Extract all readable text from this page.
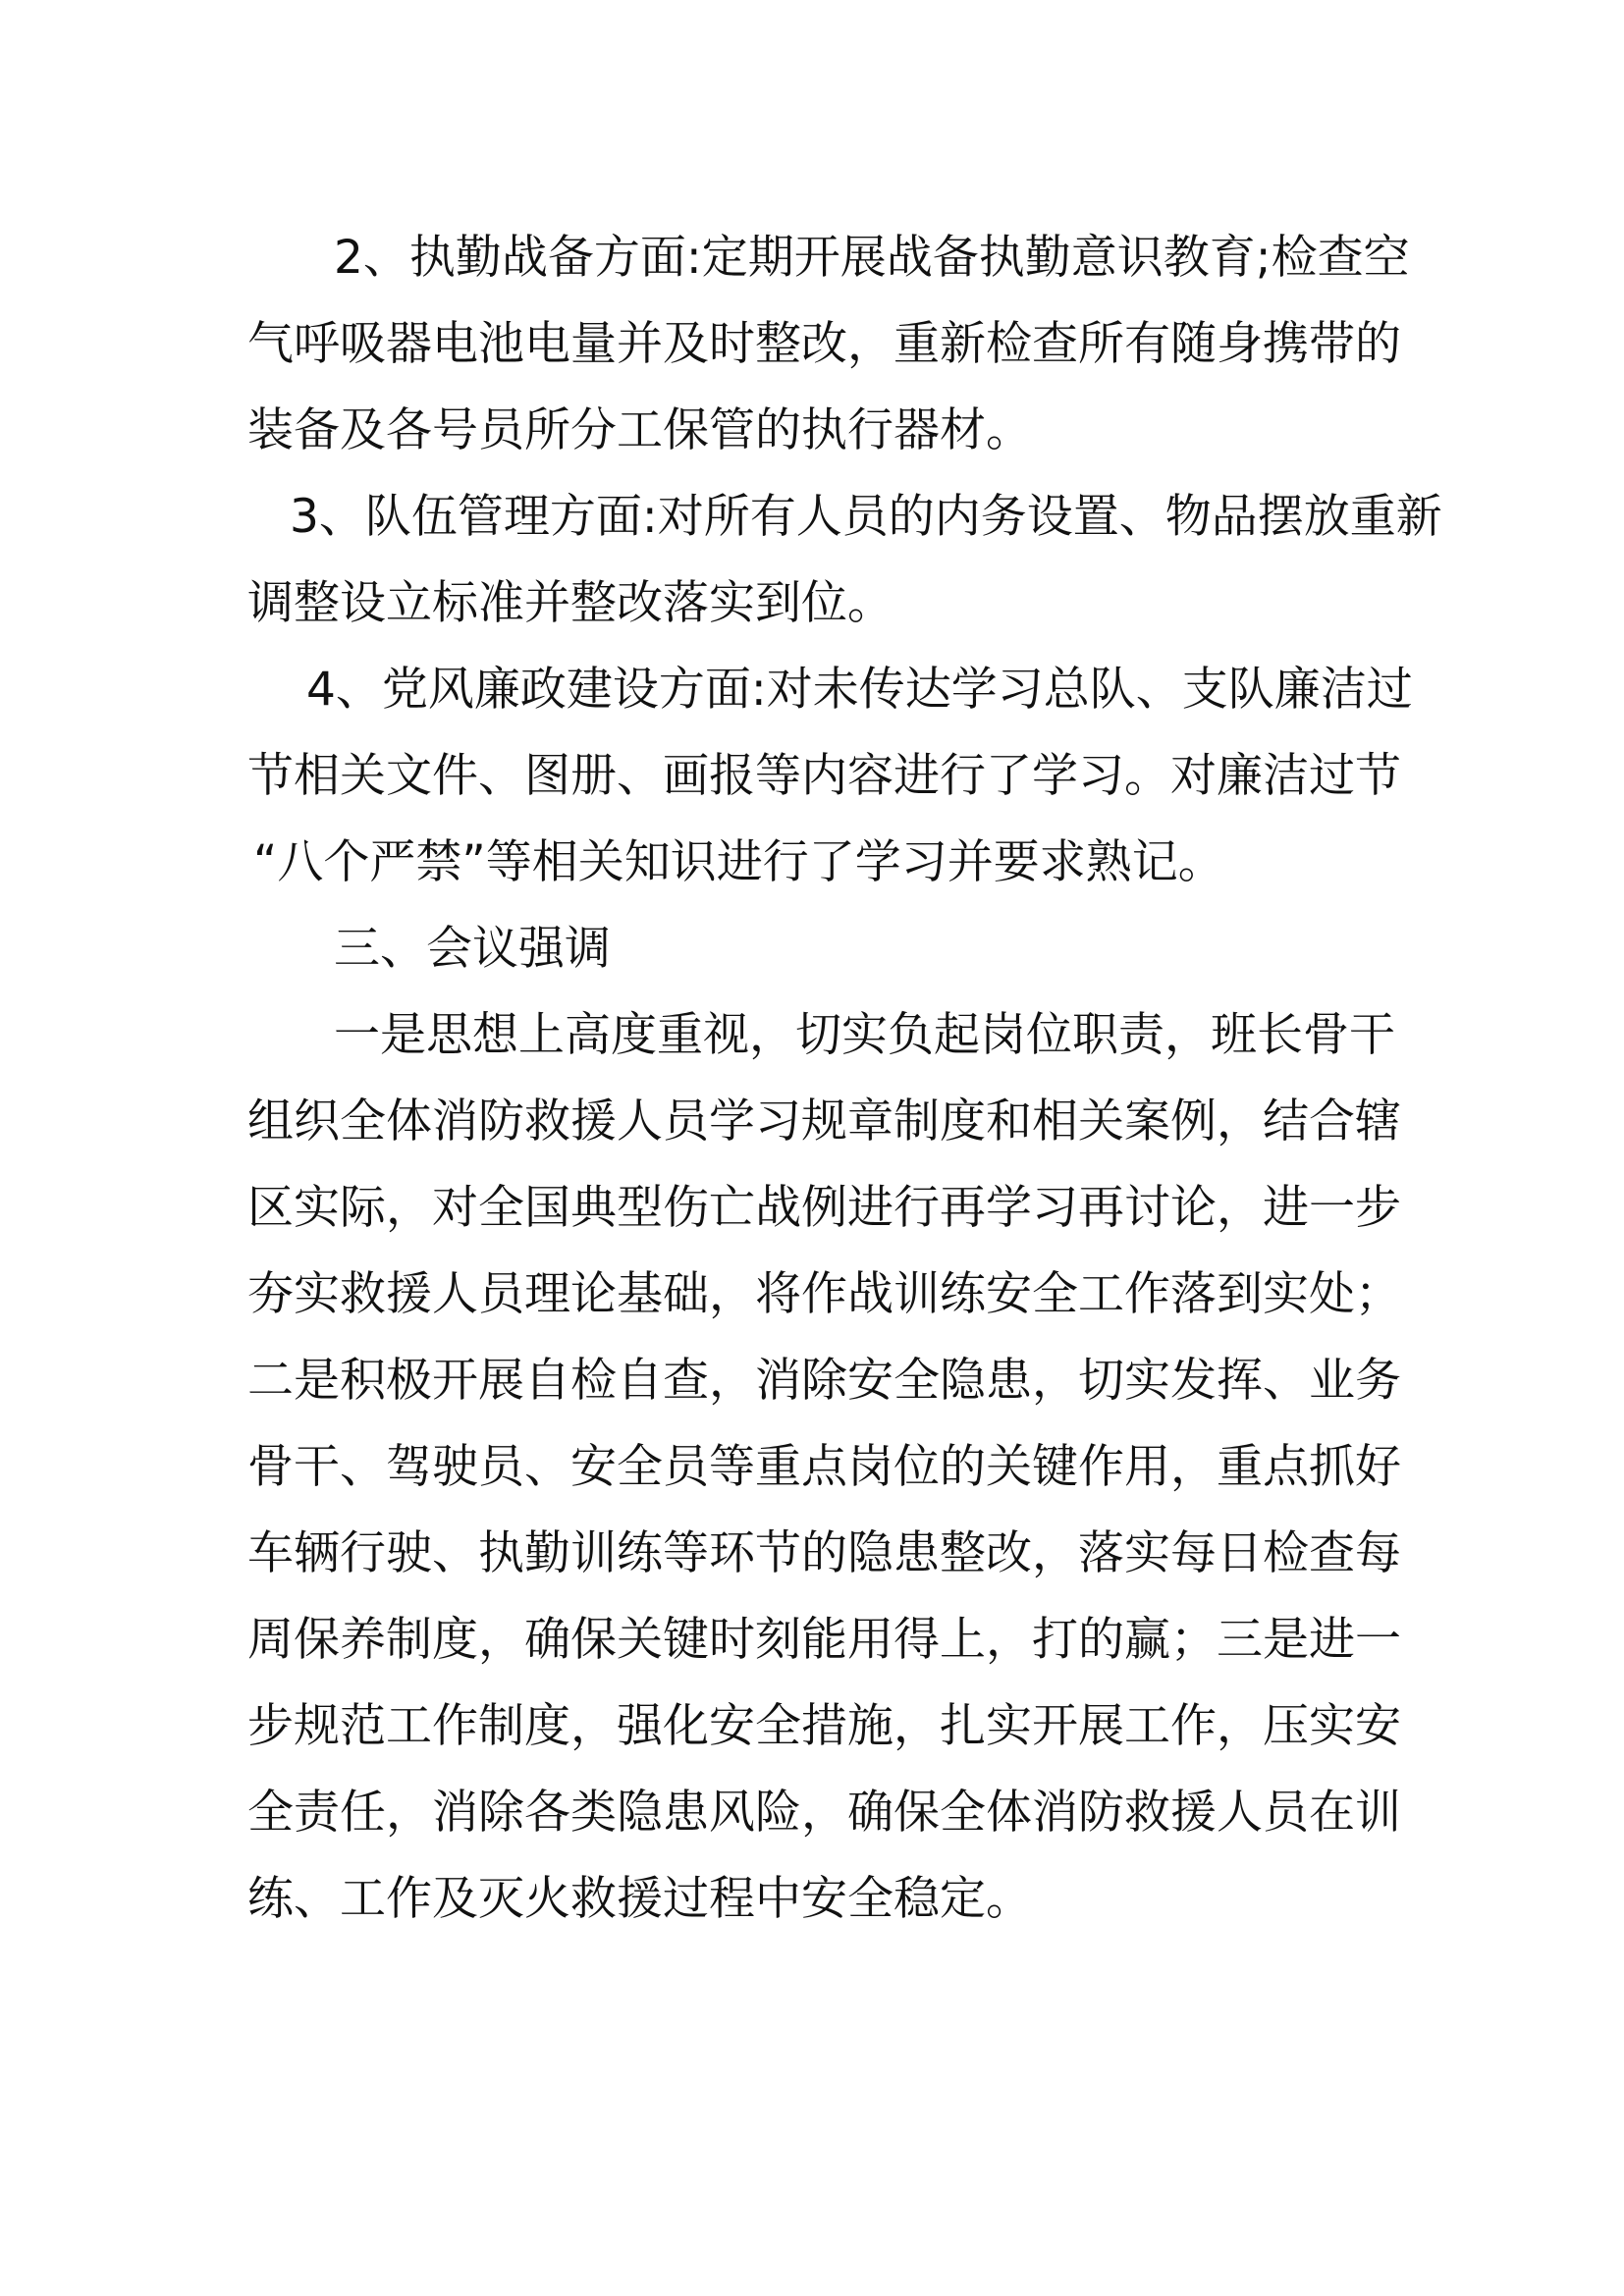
2、执勤战备方面:定期开展战备执勤意识教育;检查空
气呼吸器电池电量并及时整改，重新检查所有随身携带的
装备及各号员所分工保管的执行器材。
3、队伍管理方面:对所有人员的内务设置、物品摆放重新
调整设立标准并整改落实到位。
4、党风廉政建设方面:对未传达学习总队、支队廉洁过
节相关文件、图册、画报等内容进行了学习。对廉洁过节
“八个严禁”等相关知识进行了学习并要求熟记。
三、会议强调
一是思想上高度重视，切实负起岗位职责，班长骨干
组织全体消防救援人员学习规章制度和相关案例，结合辖
区实际，对全国典型伤亡战例进行再学习再讨论，进一步
夯实救援人员理论基础，将作战训练安全工作落到实处；
二是积极开展自检自查，消除安全隐患，切实发挥、业务
骨干、驾驶员、安全员等重点岗位的关键作用，重点抓好
车辆行驶、执勤训练等环节的隐患整改，落实每日检查每
周保养制度，确保关键时刻能用得上，打的赢；三是进一
步规范工作制度，强化安全措施，扎实开展工作，压实安
全责任，消除各类隐患风险，确保全体消防救援人员在训
练、工作及灭火救援过程中安全稳定。
